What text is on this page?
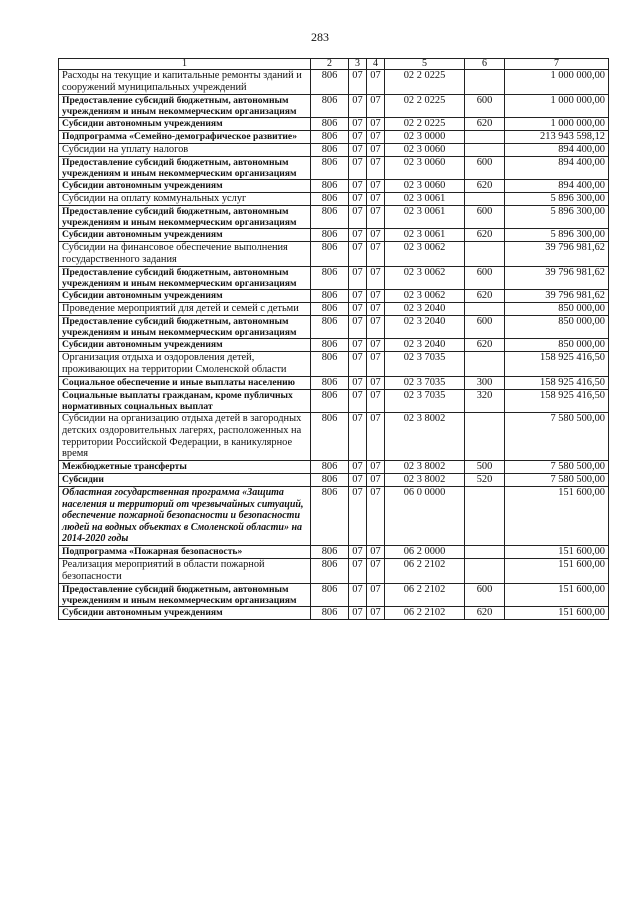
283
1	2	3	4	5	6	7
Расходы на текущие и капитальные ремонты зданий и сооружений муниципальных учреждений	806	07	07	02 2 0225		1 000 000,00
Предоставление субсидий бюджетным, автономным учреждениям и иным некоммерческим организациям	806	07	07	02 2 0225	600	1 000 000,00
Субсидии автономным учреждениям	806	07	07	02 2 0225	620	1 000 000,00
Подпрограмма «Семейно-демографическое развитие»	806	07	07	02 3 0000		213 943 598,12
Субсидии на уплату налогов	806	07	07	02 3 0060		894 400,00
Предоставление субсидий бюджетным, автономным учреждениям и иным некоммерческим организациям	806	07	07	02 3 0060	600	894 400,00
Субсидии автономным учреждениям	806	07	07	02 3 0060	620	894 400,00
Субсидии на оплату коммунальных услуг	806	07	07	02 3 0061		5 896 300,00
Предоставление субсидий бюджетным, автономным учреждениям и иным некоммерческим организациям	806	07	07	02 3 0061	600	5 896 300,00
Субсидии автономным учреждениям	806	07	07	02 3 0061	620	5 896 300,00
Субсидии на финансовое обеспечение выполнения государственного задания	806	07	07	02 3 0062		39 796 981,62
Предоставление субсидий бюджетным, автономным учреждениям и иным некоммерческим организациям	806	07	07	02 3 0062	600	39 796 981,62
Субсидии автономным учреждениям	806	07	07	02 3 0062	620	39 796 981,62
Проведение мероприятий для детей и семей с детьми	806	07	07	02 3 2040		850 000,00
Предоставление субсидий бюджетным, автономным учреждениям и иным некоммерческим организациям	806	07	07	02 3 2040	600	850 000,00
Субсидии автономным учреждениям	806	07	07	02 3 2040	620	850 000,00
Организация отдыха и оздоровления детей, проживающих на территории Смоленской области	806	07	07	02 3 7035		158 925 416,50
Социальное обеспечение и иные выплаты населению	806	07	07	02 3 7035	300	158 925 416,50
Социальные выплаты гражданам, кроме публичных нормативных социальных выплат	806	07	07	02 3 7035	320	158 925 416,50
Субсидии на организацию отдыха детей в загородных детских оздоровительных лагерях, расположенных на территории Российской Федерации, в каникулярное время	806	07	07	02 3 8002		7 580 500,00
Межбюджетные трансферты	806	07	07	02 3 8002	500	7 580 500,00
Субсидии	806	07	07	02 3 8002	520	7 580 500,00
Областная государственная программа «Защита населения и территорий от чрезвычайных ситуаций, обеспечение пожарной безопасности и безопасности людей на водных объектах в Смоленской области» на 2014-2020 годы	806	07	07	06 0 0000		151 600,00
Подпрограмма «Пожарная безопасность»	806	07	07	06 2 0000		151 600,00
Реализация мероприятий в области пожарной безопасности	806	07	07	06 2 2102		151 600,00
Предоставление субсидий бюджетным, автономным учреждениям и иным некоммерческим организациям	806	07	07	06 2 2102	600	151 600,00
Субсидии автономным учреждениям	806	07	07	06 2 2102	620	151 600,00
